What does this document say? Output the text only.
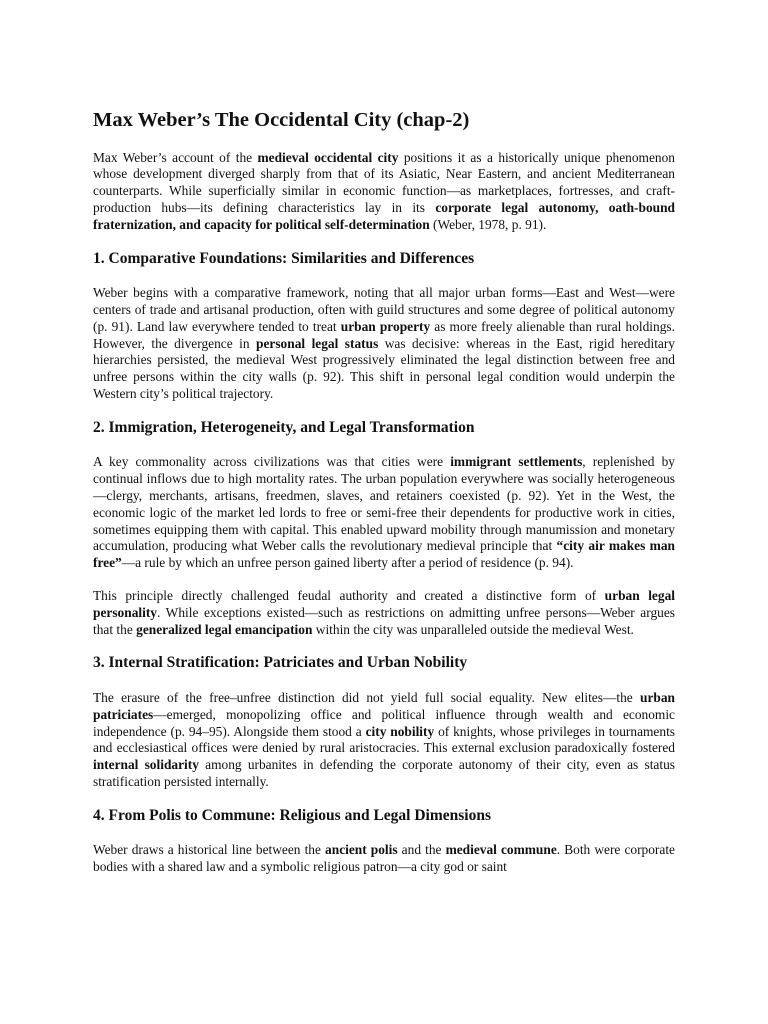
Max Weber’s The Occidental City (chap-2)

Max Weber’s account of the medieval occidental city positions it as a historically unique phenomenon whose development diverged sharply from that of its Asiatic, Near Eastern, and ancient Mediterranean counterparts. While superficially similar in economic function—as marketplaces, fortresses, and craft-production hubs—its defining characteristics lay in its corporate legal autonomy, oath-bound fraternization, and capacity for political self-determination (Weber, 1978, p. 91).

1. Comparative Foundations: Similarities and Differences

Weber begins with a comparative framework, noting that all major urban forms—East and West—were centers of trade and artisanal production, often with guild structures and some degree of political autonomy (p. 91). Land law everywhere tended to treat urban property as more freely alienable than rural holdings. However, the divergence in personal legal status was decisive: whereas in the East, rigid hereditary hierarchies persisted, the medieval West progressively eliminated the legal distinction between free and unfree persons within the city walls (p. 92). This shift in personal legal condition would underpin the Western city’s political trajectory.

2. Immigration, Heterogeneity, and Legal Transformation

A key commonality across civilizations was that cities were immigrant settlements, replenished by continual inflows due to high mortality rates. The urban population everywhere was socially heterogeneous—clergy, merchants, artisans, freedmen, slaves, and retainers coexisted (p. 92). Yet in the West, the economic logic of the market led lords to free or semi-free their dependents for productive work in cities, sometimes equipping them with capital. This enabled upward mobility through manumission and monetary accumulation, producing what Weber calls the revolutionary medieval principle that “city air makes man free”—a rule by which an unfree person gained liberty after a period of residence (p. 94).

This principle directly challenged feudal authority and created a distinctive form of urban legal personality. While exceptions existed—such as restrictions on admitting unfree persons—Weber argues that the generalized legal emancipation within the city was unparalleled outside the medieval West.

3. Internal Stratification: Patriciates and Urban Nobility

The erasure of the free–unfree distinction did not yield full social equality. New elites—the urban patriciates—emerged, monopolizing office and political influence through wealth and economic independence (p. 94–95). Alongside them stood a city nobility of knights, whose privileges in tournaments and ecclesiastical offices were denied by rural aristocracies. This external exclusion paradoxically fostered internal solidarity among urbanites in defending the corporate autonomy of their city, even as status stratification persisted internally.

4. From Polis to Commune: Religious and Legal Dimensions

Weber draws a historical line between the ancient polis and the medieval commune. Both were corporate bodies with a shared law and a symbolic religious patron—a city god or saint
